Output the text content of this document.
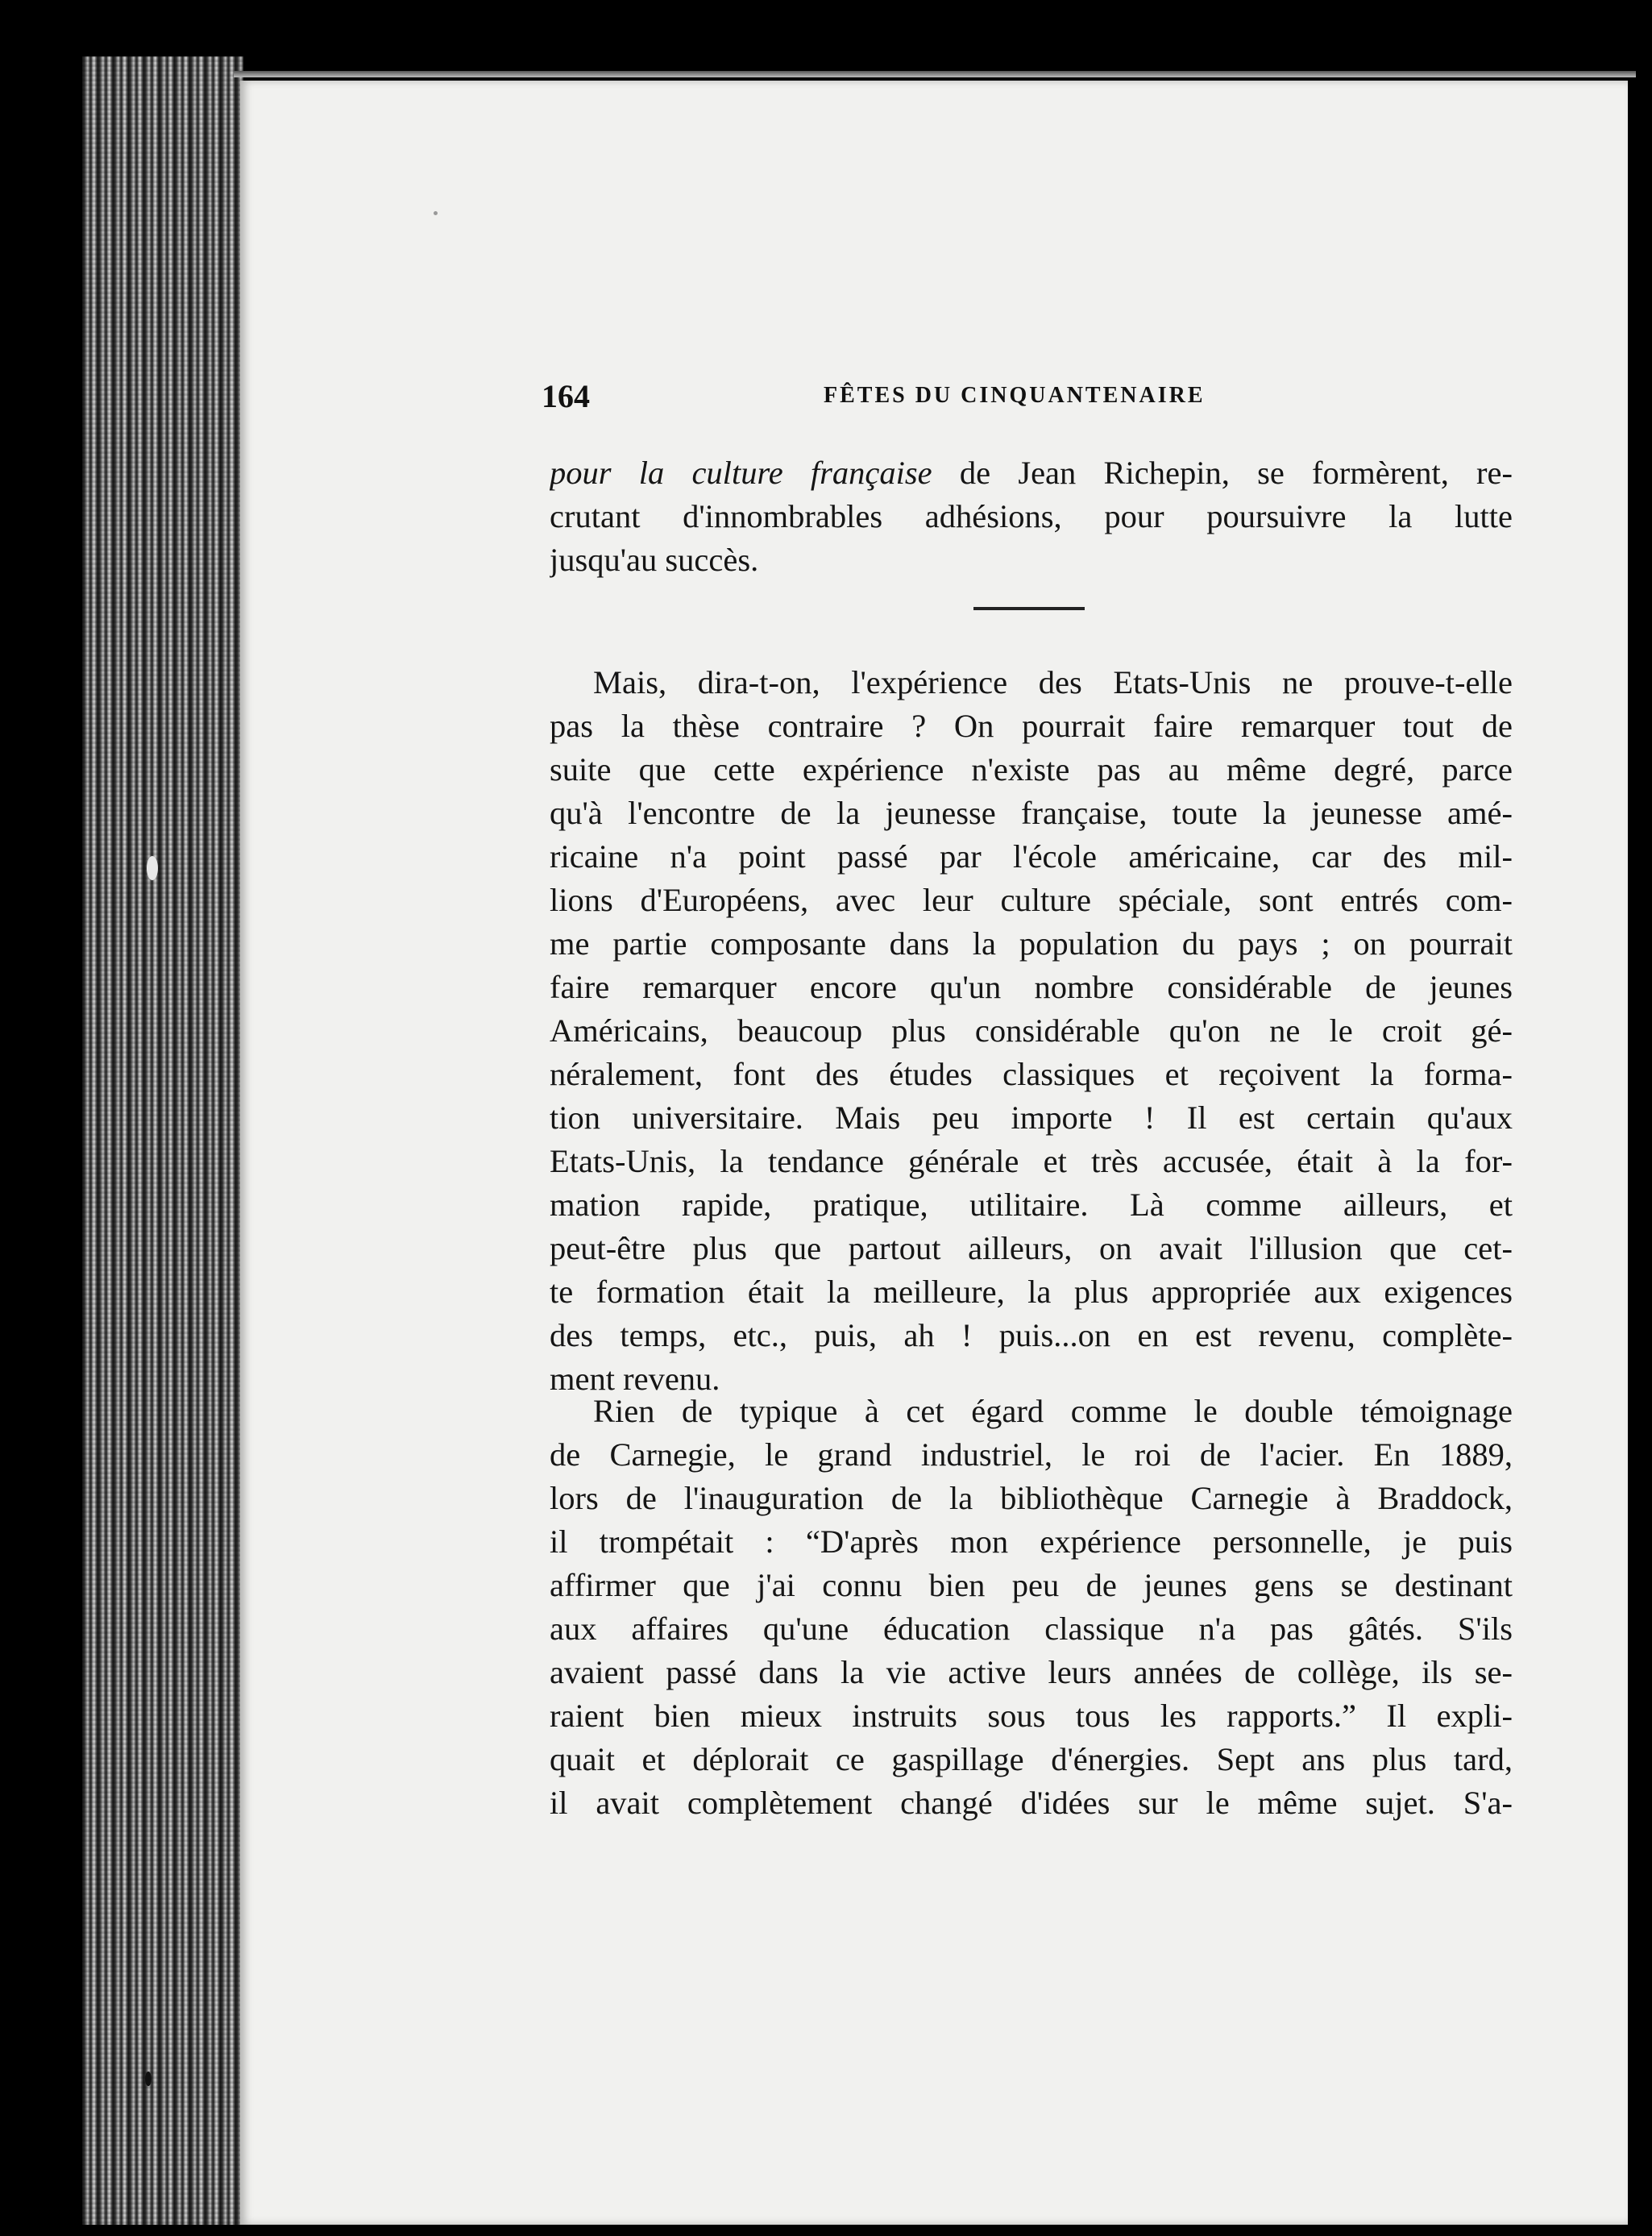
164	FÊTES DU CINQUANTENAIRE

pour la culture française de Jean Richepin, se formèrent, re-
crutant d'innombrables adhésions, pour poursuivre la lutte
jusqu'au succès.

Mais, dira-t-on, l'expérience des Etats-Unis ne prouve-t-elle
pas la thèse contraire ? On pourrait faire remarquer tout de
suite que cette expérience n'existe pas au même degré, parce
qu'à l'encontre de la jeunesse française, toute la jeunesse amé-
ricaine n'a point passé par l'école américaine, car des mil-
lions d'Européens, avec leur culture spéciale, sont entrés com-
me partie composante dans la population du pays ; on pourrait
faire remarquer encore qu'un nombre considérable de jeunes
Américains, beaucoup plus considérable qu'on ne le croit gé-
néralement, font des études classiques et reçoivent la forma-
tion universitaire. Mais peu importe ! Il est certain qu'aux
Etats-Unis, la tendance générale et très accusée, était à la for-
mation rapide, pratique, utilitaire. Là comme ailleurs, et
peut-être plus que partout ailleurs, on avait l'illusion que cet-
te formation était la meilleure, la plus appropriée aux exigences
des temps, etc., puis, ah ! puis...on en est revenu, complète-
ment revenu.
Rien de typique à cet égard comme le double témoignage
de Carnegie, le grand industriel, le roi de l'acier. En 1889,
lors de l'inauguration de la bibliothèque Carnegie à Braddock,
il trompétait : “D'après mon expérience personnelle, je puis
affirmer que j'ai connu bien peu de jeunes gens se destinant
aux affaires qu'une éducation classique n'a pas gâtés. S'ils
avaient passé dans la vie active leurs années de collège, ils se-
raient bien mieux instruits sous tous les rapports.” Il expli-
quait et déplorait ce gaspillage d'énergies. Sept ans plus tard,
il avait complètement changé d'idées sur le même sujet. S'a-
